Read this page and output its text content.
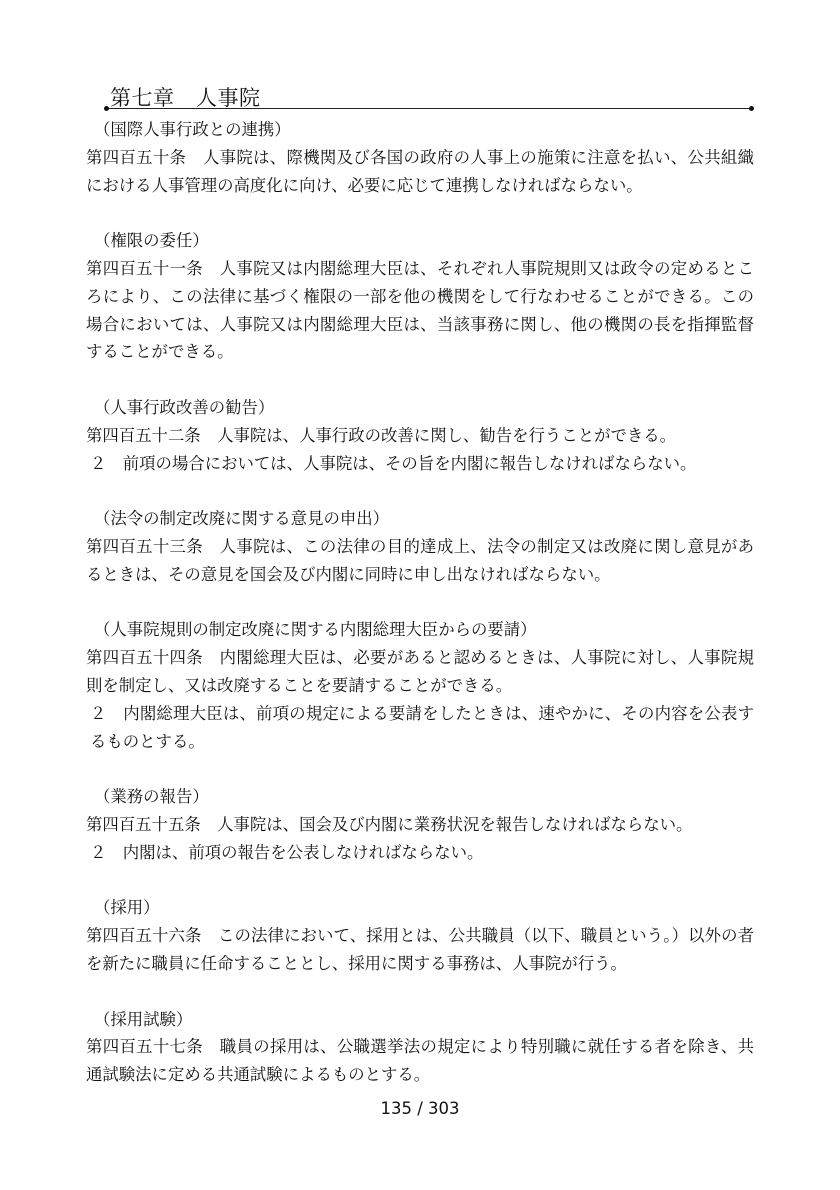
第七章　人事院
（国際人事行政との連携）

第四百五十条　人事院は、際機関及び各国の政府の人事上の施策に注意を払い、公共組織における人事管理の高度化に向け、必要に応じて連携しなければならない。

（権限の委任）

第四百五十一条　人事院又は内閣総理大臣は、それぞれ人事院規則又は政令の定めるところにより、この法律に基づく権限の一部を他の機関をして行なわせることができる。この場合においては、人事院又は内閣総理大臣は、当該事務に関し、他の機関の長を指揮監督することができる。

（人事行政改善の勧告）

第四百五十二条　人事院は、人事行政の改善に関し、勧告を行うことができる。

２　前項の場合においては、人事院は、その旨を内閣に報告しなければならない。

（法令の制定改廃に関する意見の申出）

第四百五十三条　人事院は、この法律の目的達成上、法令の制定又は改廃に関し意見があるときは、その意見を国会及び内閣に同時に申し出なければならない。

（人事院規則の制定改廃に関する内閣総理大臣からの要請）

第四百五十四条　内閣総理大臣は、必要があると認めるときは、人事院に対し、人事院規則を制定し、又は改廃することを要請することができる。

２　内閣総理大臣は、前項の規定による要請をしたときは、速やかに、その内容を公表するものとする。

（業務の報告）

第四百五十五条　人事院は、国会及び内閣に業務状況を報告しなければならない。

２　内閣は、前項の報告を公表しなければならない。

（採用）

第四百五十六条　この法律において、採用とは、公共職員（以下、職員という。）以外の者を新たに職員に任命することとし、採用に関する事務は、人事院が行う。

（採用試験）

第四百五十七条　職員の採用は、公職選挙法の規定により特別職に就任する者を除き、共通試験法に定める共通試験によるものとする。

135 / 303
